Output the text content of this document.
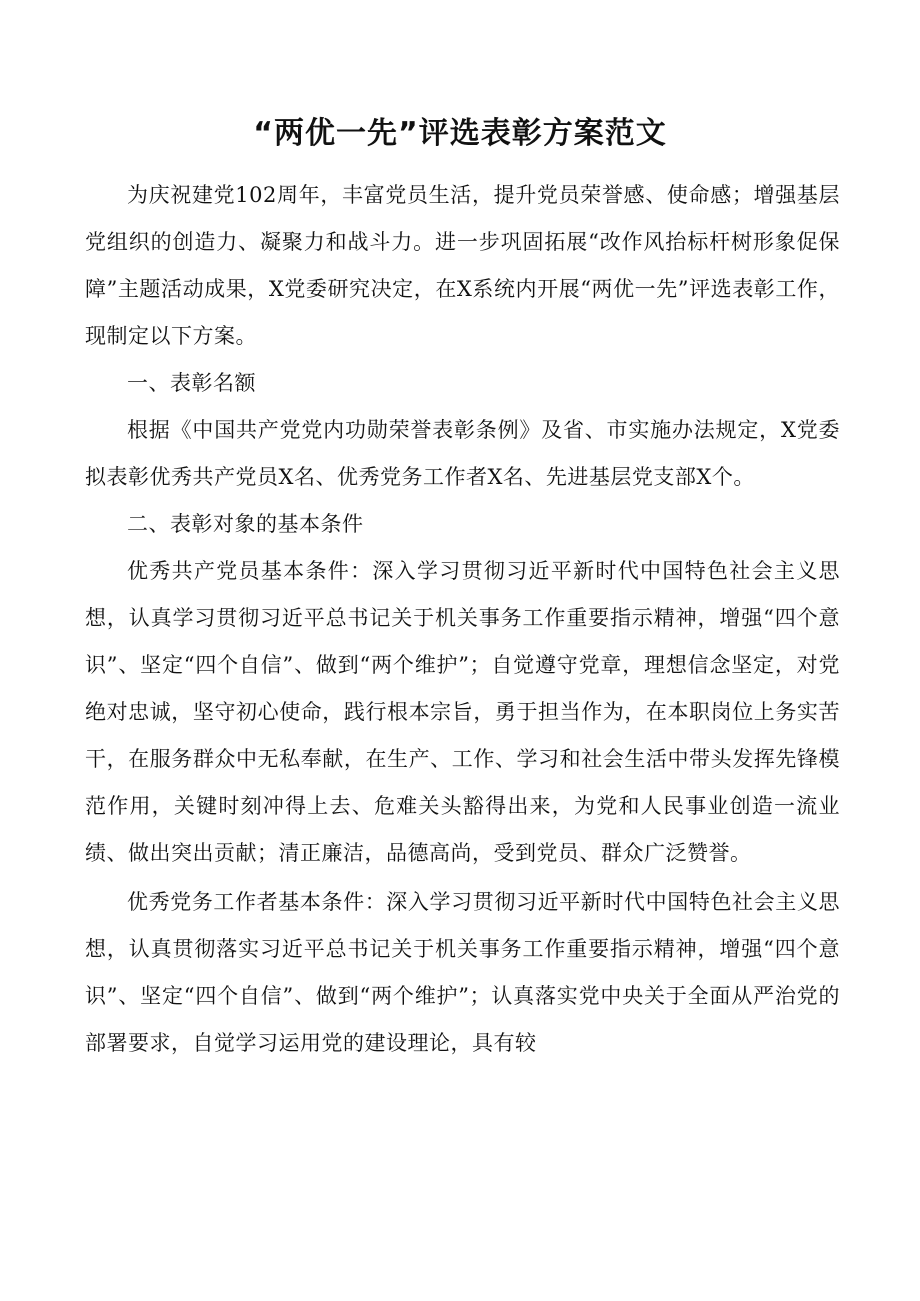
“两优一先”评选表彰方案范文

为庆祝建党102周年，丰富党员生活，提升党员荣誉感、使命感；增强基层党组织的创造力、凝聚力和战斗力。进一步巩固拓展“改作风抬标杆树形象促保障”主题活动成果，X党委研究决定，在X系统内开展“两优一先”评选表彰工作，现制定以下方案。

一、表彰名额

根据《中国共产党党内功勋荣誉表彰条例》及省、市实施办法规定，X党委拟表彰优秀共产党员X名、优秀党务工作者X名、先进基层党支部X个。

二、表彰对象的基本条件

优秀共产党员基本条件：深入学习贯彻习近平新时代中国特色社会主义思想，认真学习贯彻习近平总书记关于机关事务工作重要指示精神，增强“四个意识”、坚定“四个自信”、做到“两个维护”；自觉遵守党章，理想信念坚定，对党绝对忠诚，坚守初心使命，践行根本宗旨，勇于担当作为，在本职岗位上务实苦干，在服务群众中无私奉献，在生产、工作、学习和社会生活中带头发挥先锋模范作用，关键时刻冲得上去、危难关头豁得出来，为党和人民事业创造一流业绩、做出突出贡献；清正廉洁，品德高尚，受到党员、群众广泛赞誉。

优秀党务工作者基本条件：深入学习贯彻习近平新时代中国特色社会主义思想，认真贯彻落实习近平总书记关于机关事务工作重要指示精神，增强“四个意识”、坚定“四个自信”、做到“两个维护”；认真落实党中央关于全面从严治党的部署要求，自觉学习运用党的建设理论，具有较
